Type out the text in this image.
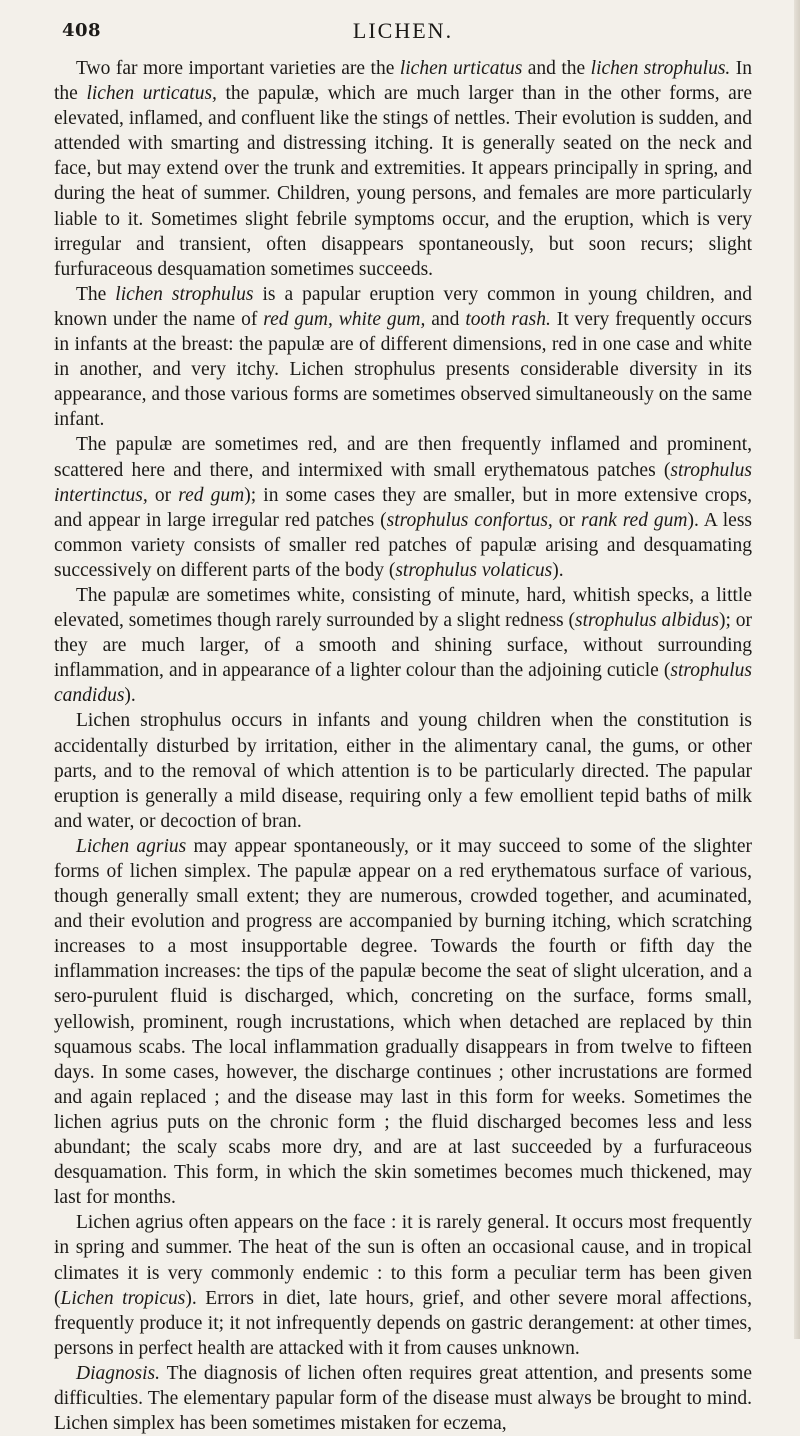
408	LICHEN.

Two far more important varieties are the lichen urticatus and the lichen strophulus. In the lichen urticatus, the papulæ, which are much larger than in the other forms, are elevated, inflamed, and confluent like the stings of nettles. Their evolution is sudden, and attended with smarting and distressing itching. It is generally seated on the neck and face, but may extend over the trunk and extremities. It appears principally in spring, and during the heat of summer. Children, young persons, and females are more particularly liable to it. Sometimes slight febrile symptoms occur, and the eruption, which is very irregular and transient, often disappears spontaneously, but soon recurs; slight furfuraceous desquamation sometimes succeeds.

The lichen strophulus is a papular eruption very common in young children, and known under the name of red gum, white gum, and tooth rash. It very frequently occurs in infants at the breast: the papulæ are of different dimensions, red in one case and white in another, and very itchy. Lichen strophulus presents considerable diversity in its appearance, and those various forms are sometimes observed simultaneously on the same infant.

The papulæ are sometimes red, and are then frequently inflamed and prominent, scattered here and there, and intermixed with small erythematous patches (strophulus intertinctus, or red gum); in some cases they are smaller, but in more extensive crops, and appear in large irregular red patches (strophulus confortus, or rank red gum). A less common variety consists of smaller red patches of papulæ arising and desquamating successively on different parts of the body (strophulus volaticus).

The papulæ are sometimes white, consisting of minute, hard, whitish specks, a little elevated, sometimes though rarely surrounded by a slight redness (strophulus albidus); or they are much larger, of a smooth and shining surface, without surrounding inflammation, and in appearance of a lighter colour than the adjoining cuticle (strophulus candidus).

Lichen strophulus occurs in infants and young children when the constitution is accidentally disturbed by irritation, either in the alimentary canal, the gums, or other parts, and to the removal of which attention is to be particularly directed. The papular eruption is generally a mild disease, requiring only a few emollient tepid baths of milk and water, or decoction of bran.

Lichen agrius may appear spontaneously, or it may succeed to some of the slighter forms of lichen simplex. The papulæ appear on a red erythematous surface of various, though generally small extent; they are numerous, crowded together, and acuminated, and their evolution and progress are accompanied by burning itching, which scratching increases to a most insupportable degree. Towards the fourth or fifth day the inflammation increases: the tips of the papulæ become the seat of slight ulceration, and a sero-purulent fluid is discharged, which, concreting on the surface, forms small, yellowish, prominent, rough incrustations, which when detached are replaced by thin squamous scabs. The local inflammation gradually disappears in from twelve to fifteen days. In some cases, however, the discharge continues ; other incrustations are formed and again replaced ; and the disease may last in this form for weeks. Sometimes the lichen agrius puts on the chronic form ; the fluid discharged becomes less and less abundant; the scaly scabs more dry, and are at last succeeded by a furfuraceous desquamation. This form, in which the skin sometimes becomes much thickened, may last for months.

Lichen agrius often appears on the face : it is rarely general. It occurs most frequently in spring and summer. The heat of the sun is often an occasional cause, and in tropical climates it is very commonly endemic : to this form a peculiar term has been given (Lichen tropicus). Errors in diet, late hours, grief, and other severe moral affections, frequently produce it; it not infrequently depends on gastric derangement: at other times, persons in perfect health are attacked with it from causes unknown.

Diagnosis. The diagnosis of lichen often requires great attention, and presents some difficulties. The elementary papular form of the disease must always be brought to mind. Lichen simplex has been sometimes mistaken for eczema,
